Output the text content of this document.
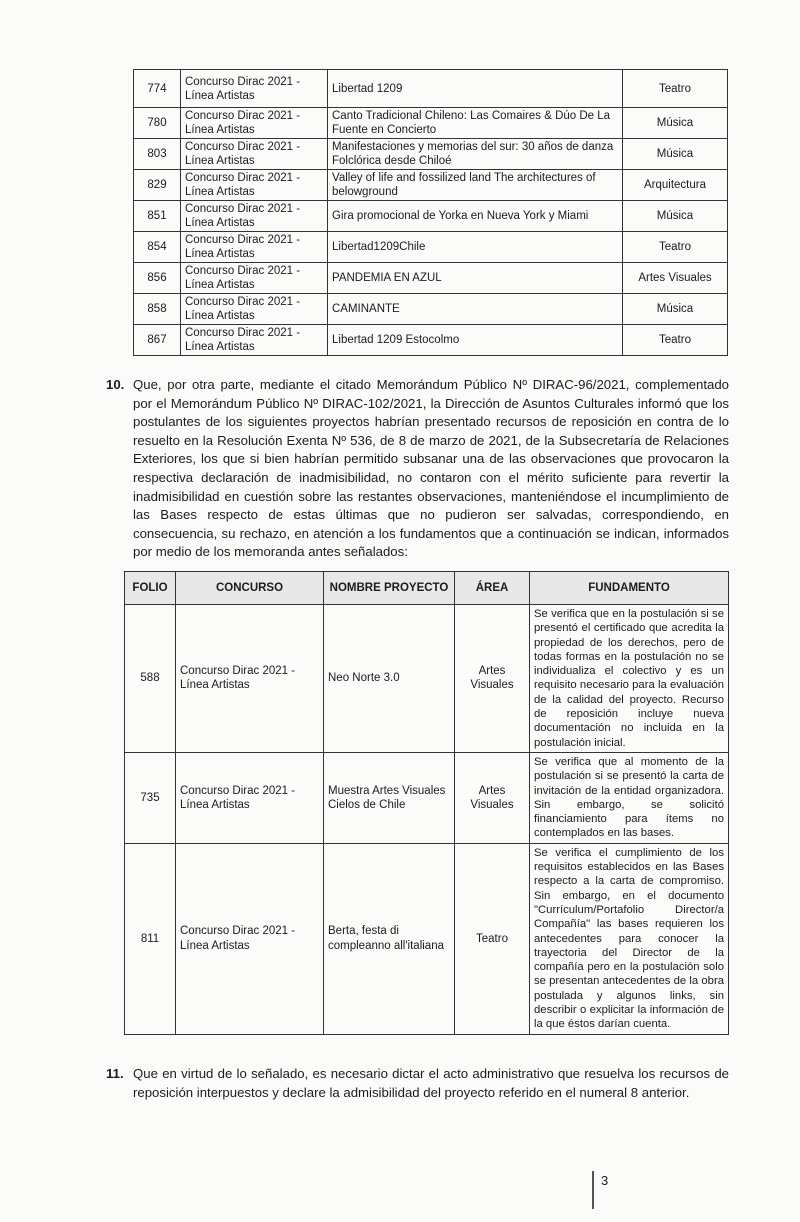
774	Concurso Dirac 2021 - Línea Artistas	Libertad 1209	Teatro
780	Concurso Dirac 2021 - Línea Artistas	Canto Tradicional Chileno: Las Comaires & Dúo De La Fuente en Concierto	Música
803	Concurso Dirac 2021 - Línea Artistas	Manifestaciones y memorias del sur: 30 años de danza Folclórica desde Chiloé	Música
829	Concurso Dirac 2021 - Línea Artistas	Valley of life and fossilized land The architectures of belowground	Arquitectura
851	Concurso Dirac 2021 - Línea Artistas	Gira promocional de Yorka en Nueva York y Miami	Música
854	Concurso Dirac 2021 - Línea Artistas	Libertad1209Chile	Teatro
856	Concurso Dirac 2021 - Línea Artistas	PANDEMIA EN AZUL	Artes Visuales
858	Concurso Dirac 2021 - Línea Artistas	CAMINANTE	Música
867	Concurso Dirac 2021 - Línea Artistas	Libertad 1209 Estocolmo	Teatro
10. Que, por otra parte, mediante el citado Memorándum Público Nº DIRAC-96/2021, complementado por el Memorándum Público Nº DIRAC-102/2021, la Dirección de Asuntos Culturales informó que los postulantes de los siguientes proyectos habrían presentado recursos de reposición en contra de lo resuelto en la Resolución Exenta Nº 536, de 8 de marzo de 2021, de la Subsecretaría de Relaciones Exteriores, los que si bien habrían permitido subsanar una de las observaciones que provocaron la respectiva declaración de inadmisibilidad, no contaron con el mérito suficiente para revertir la inadmisibilidad en cuestión sobre las restantes observaciones, manteniéndose el incumplimiento de las Bases respecto de estas últimas que no pudieron ser salvadas, correspondiendo, en consecuencia, su rechazo, en atención a los fundamentos que a continuación se indican, informados por medio de los memoranda antes señalados:
FOLIO	CONCURSO	NOMBRE PROYECTO	ÁREA	FUNDAMENTO
588	Concurso Dirac 2021 - Línea Artistas	Neo Norte 3.0	Artes Visuales	Se verifica que en la postulación si se presentó el certificado que acredita la propiedad de los derechos, pero de todas formas en la postulación no se individualiza el colectivo y es un requisito necesario para la evaluación de la calidad del proyecto. Recurso de reposición incluye nueva documentación no incluida en la postulación inicial.
735	Concurso Dirac 2021 - Línea Artistas	Muestra Artes Visuales Cielos de Chile	Artes Visuales	Se verifica que al momento de la postulación si se presentó la carta de invitación de la entidad organizadora. Sin embargo, se solicitó financiamiento para ítems no contemplados en las bases.
811	Concurso Dirac 2021 - Línea Artistas	Berta, festa di compleanno all'italiana	Teatro	Se verifica el cumplimiento de los requisitos establecidos en las Bases respecto a la carta de compromiso. Sin embargo, en el documento "Currículum/Portafolio Director/a Compañía" las bases requieren los antecedentes para conocer la trayectoria del Director de la compañía pero en la postulación solo se presentan antecedentes de la obra postulada y algunos links, sin describir o explicitar la información de la que éstos darían cuenta.
11. Que en virtud de lo señalado, es necesario dictar el acto administrativo que resuelva los recursos de reposición interpuestos y declare la admisibilidad del proyecto referido en el numeral 8 anterior.
3
